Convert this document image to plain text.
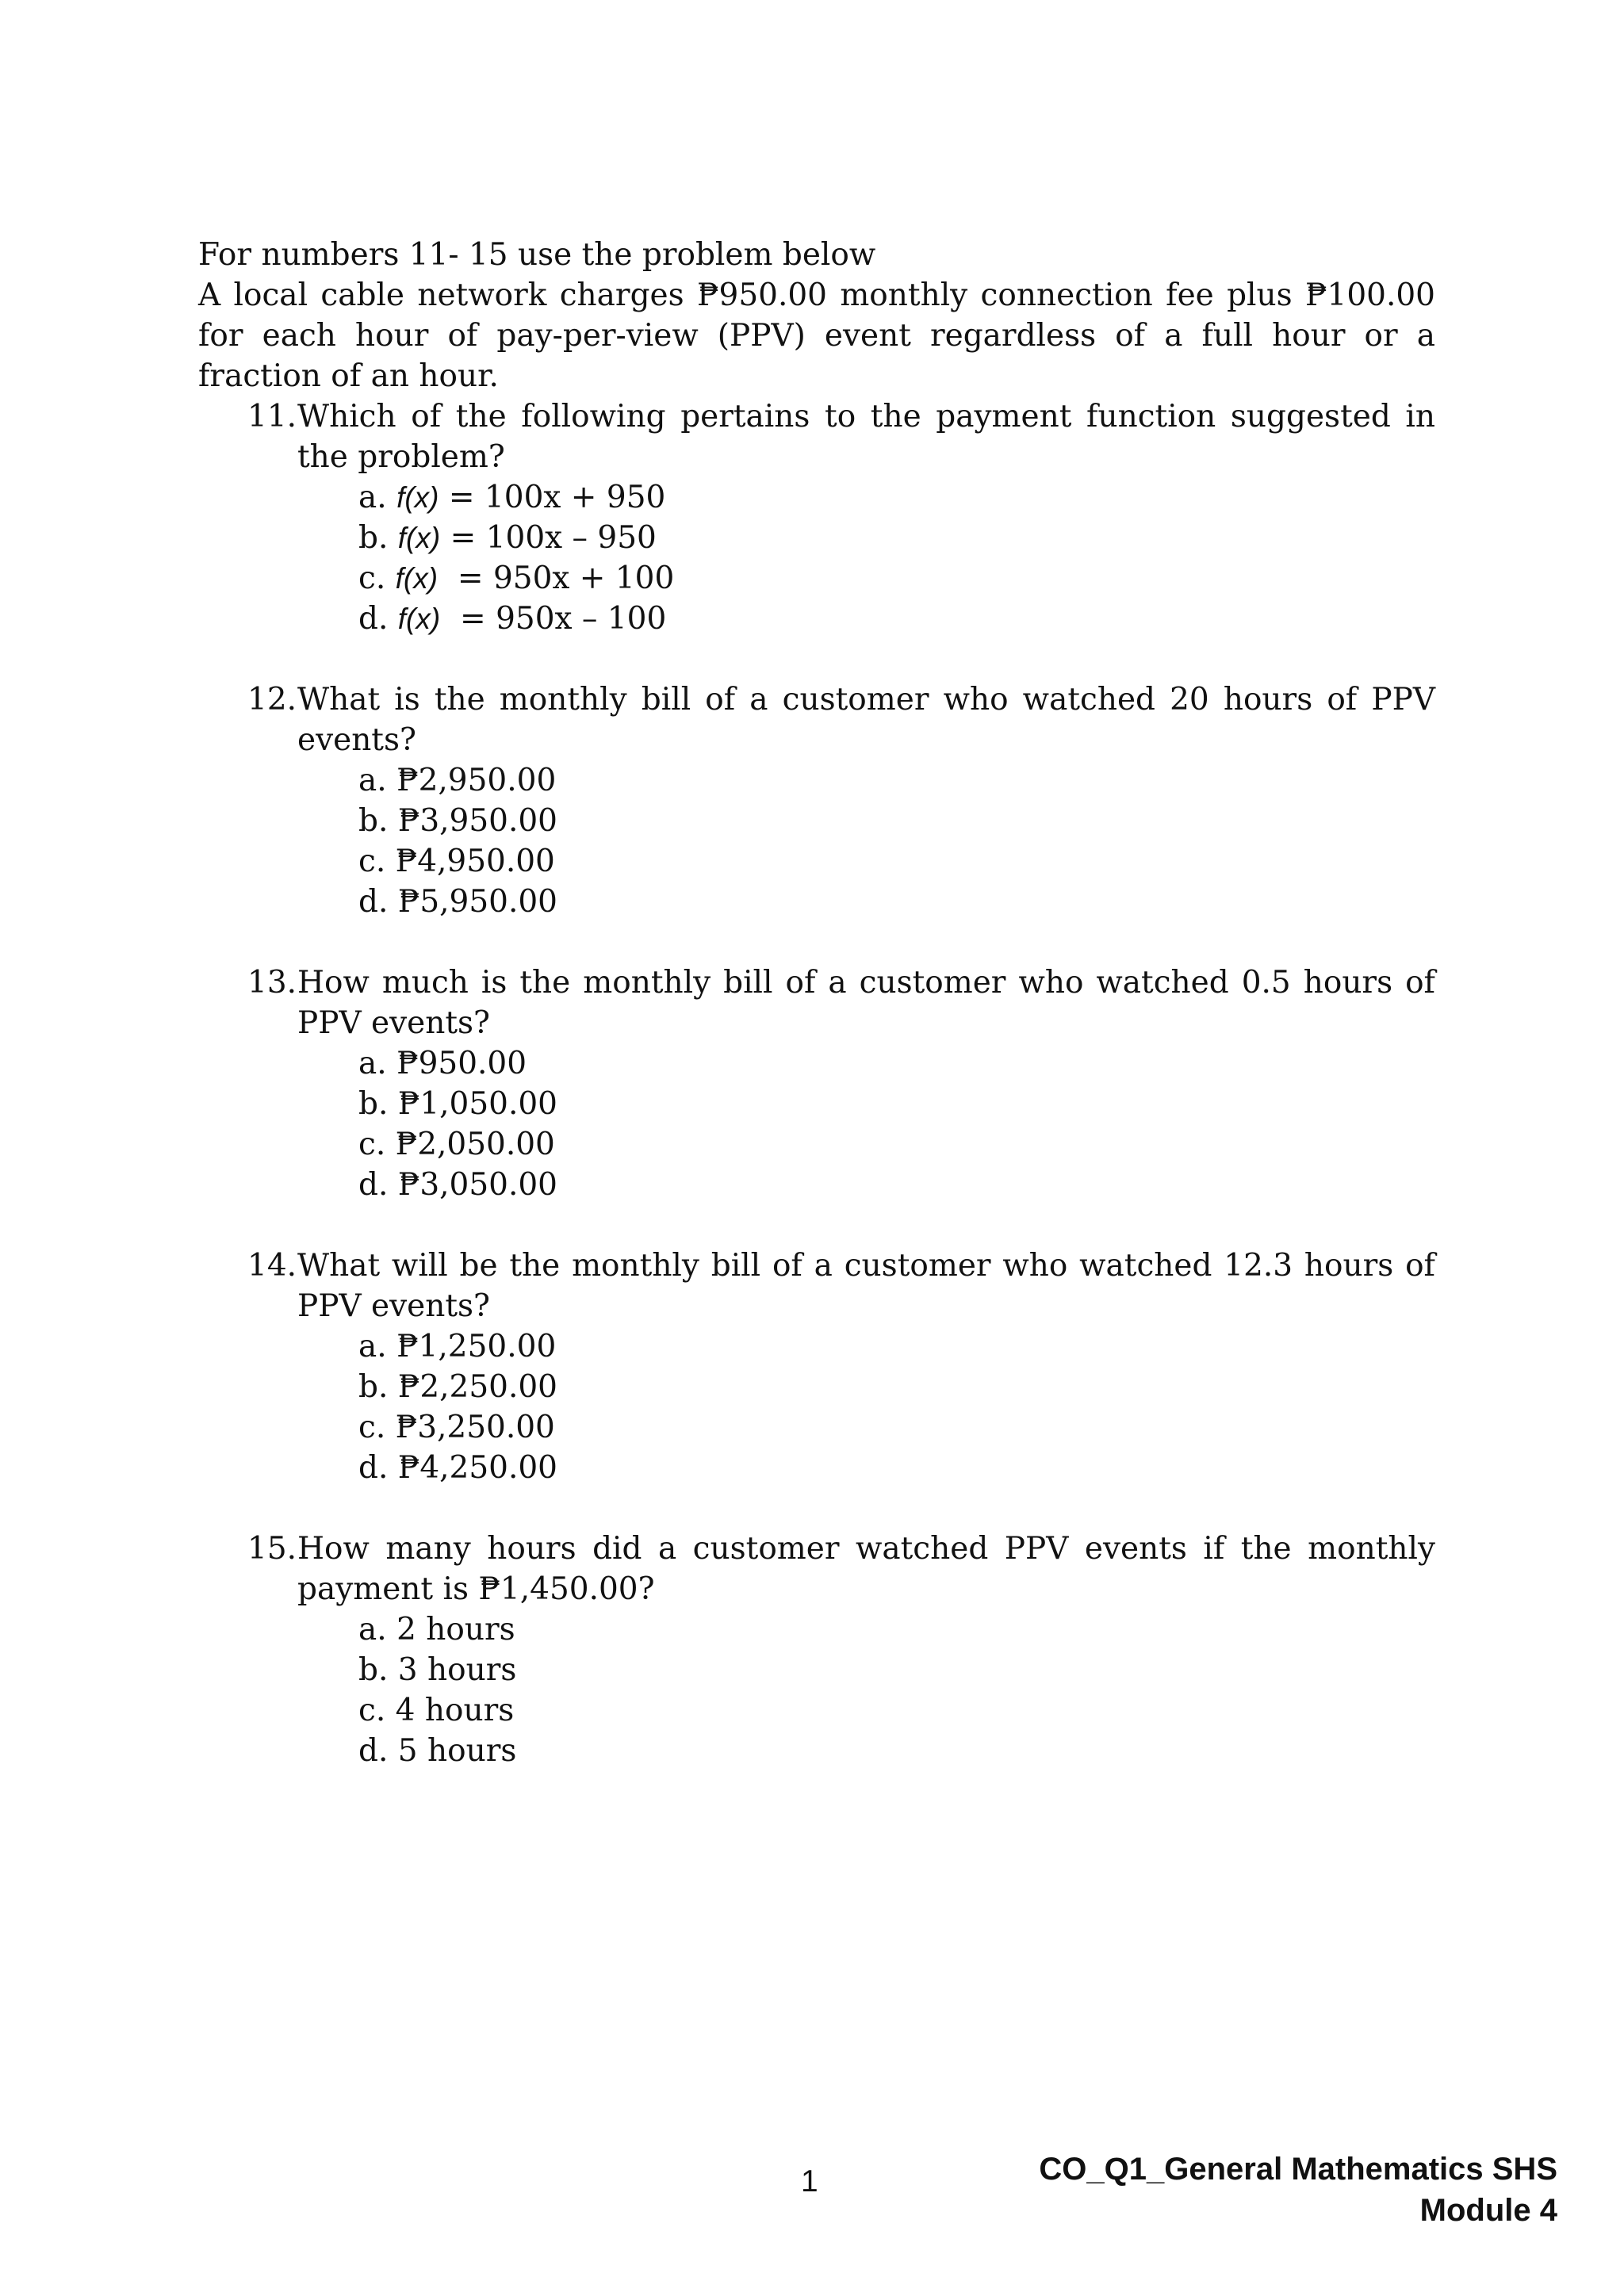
For numbers 11- 15 use the problem below

A local cable network charges ₱950.00 monthly connection fee plus ₱100.00 for each hour of pay-per-view (PPV) event regardless of a full hour or a fraction of an hour.

11. Which of the following pertains to the payment function suggested in the problem?

a. f(x) = 100x + 950
b. f(x) = 100x – 950
c. f(x)  = 950x + 100
d. f(x)  = 950x – 100
12. What is the monthly bill of a customer who watched 20 hours of PPV events?

a. ₱2,950.00
b. ₱3,950.00
c. ₱4,950.00
d. ₱5,950.00
13. How much is the monthly bill of a customer who watched 0.5 hours of PPV events?

a. ₱950.00
b. ₱1,050.00
c. ₱2,050.00
d. ₱3,050.00
14. What will be the monthly bill of a customer who watched 12.3 hours of PPV events?

a. ₱1,250.00
b. ₱2,250.00
c. ₱3,250.00
d. ₱4,250.00
15. How many hours did a customer watched PPV events if the monthly payment is ₱1,450.00?

a. 2 hours
b. 3 hours
c. 4 hours
d. 5 hours
1	CO_Q1_General Mathematics SHS
Module 4
